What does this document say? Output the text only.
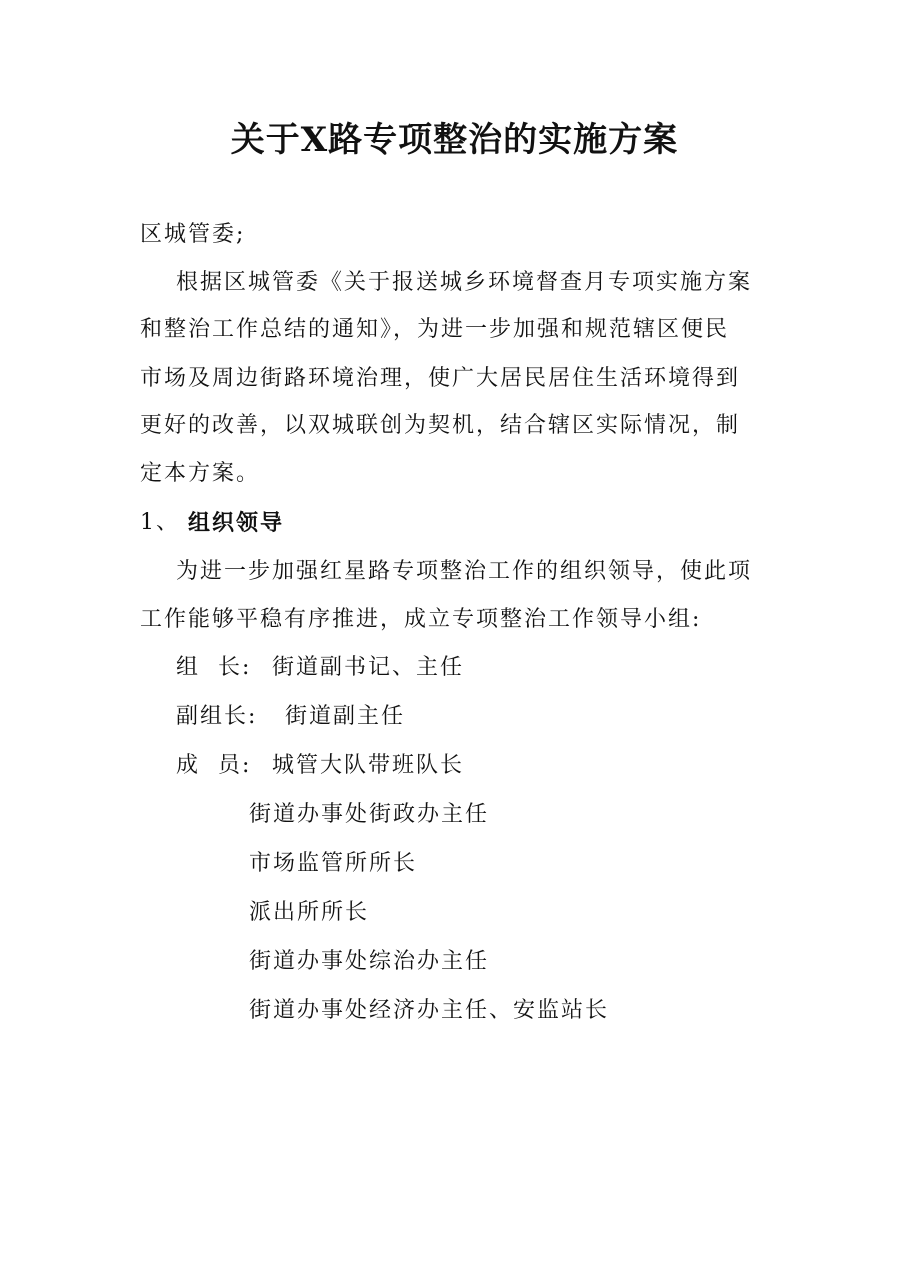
关于X路专项整治的实施方案
区城管委;
根据区城管委《关于报送城乡环境督查月专项实施方案
和整治工作总结的通知》，为进一步加强和规范辖区便民
市场及周边街路环境治理，使广大居民居住生活环境得到
更好的改善，以双城联创为契机，结合辖区实际情况，制
定本方案。
1、 组织领导
为进一步加强红星路专项整治工作的组织领导，使此项
工作能够平稳有序推进，成立专项整治工作领导小组:
组  长: 街道副书记、主任
副组长: 街道副主任
成  员: 城管大队带班队长
街道办事处街政办主任
市场监管所所长
派出所所长
街道办事处综治办主任
街道办事处经济办主任、安监站长
